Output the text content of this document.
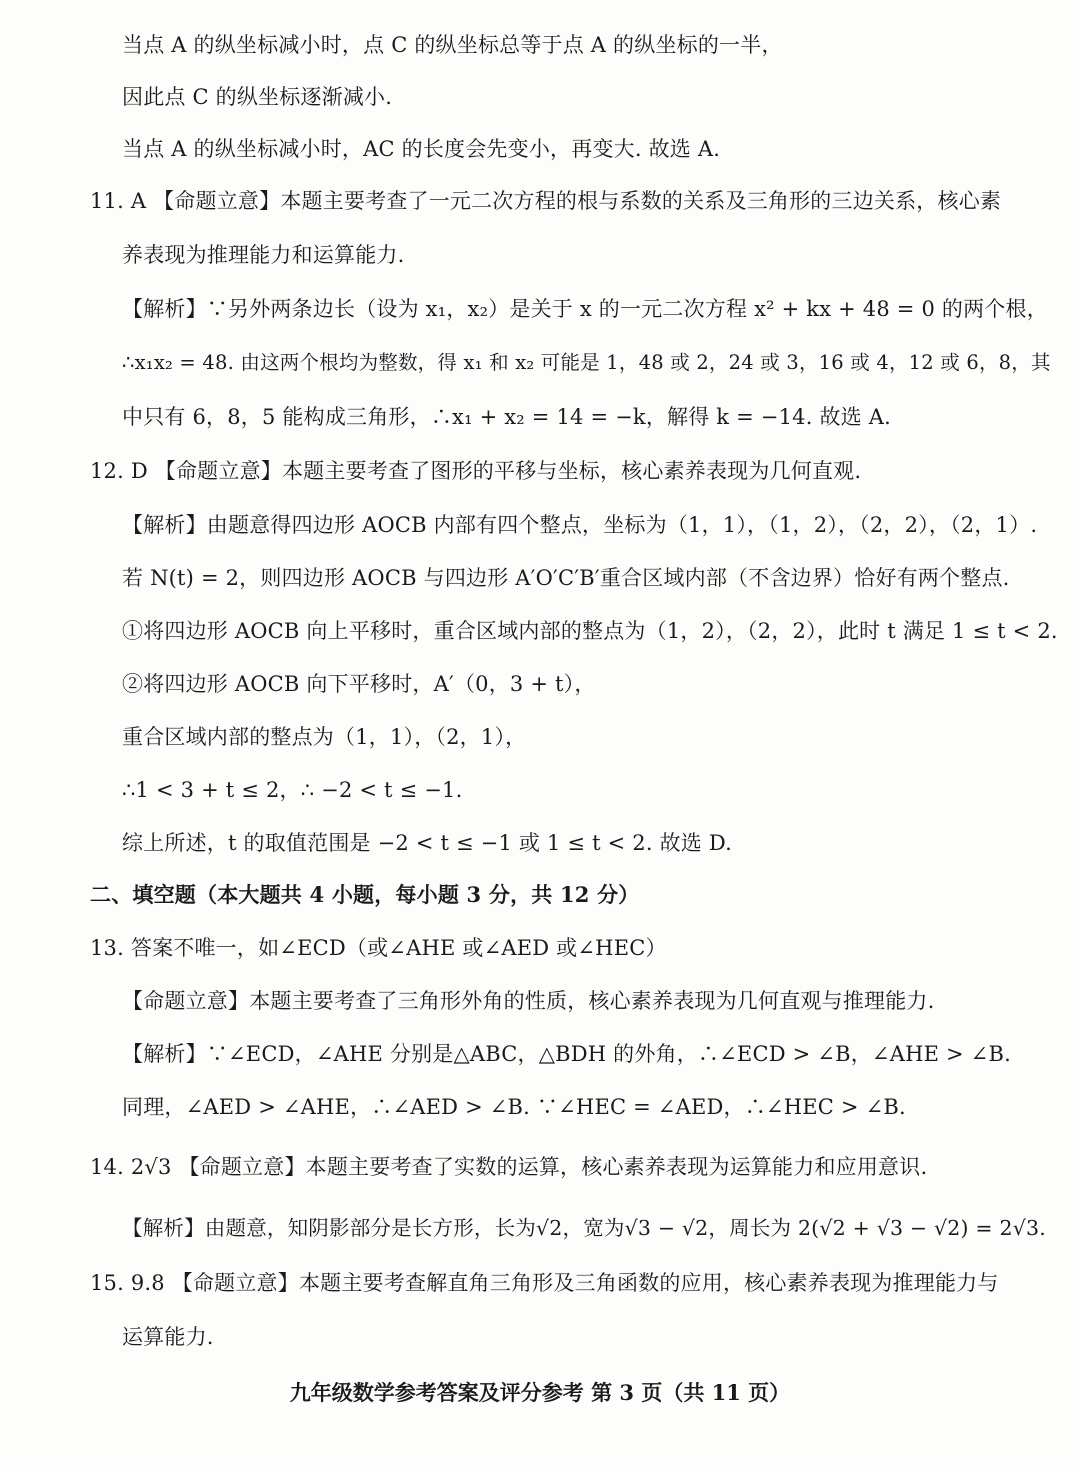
当点 A 的纵坐标减小时，点 C 的纵坐标总等于点 A 的纵坐标的一半，
因此点 C 的纵坐标逐渐减小.
当点 A 的纵坐标减小时，AC 的长度会先变小，再变大. 故选 A.
11. A 【命题立意】本题主要考查了一元二次方程的根与系数的关系及三角形的三边关系，核心素
养表现为推理能力和运算能力.
【解析】∵另外两条边长（设为 x₁，x₂）是关于 x 的一元二次方程 x² + kx + 48 = 0 的两个根，
∴x₁x₂ = 48. 由这两个根均为整数，得 x₁ 和 x₂ 可能是 1，48 或 2，24 或 3，16 或 4，12 或 6，8，其
中只有 6，8，5 能构成三角形，∴x₁ + x₂ = 14 = −k，解得 k = −14. 故选 A.
12. D 【命题立意】本题主要考查了图形的平移与坐标，核心素养表现为几何直观.
【解析】由题意得四边形 AOCB 内部有四个整点，坐标为（1，1），（1，2），（2，2），（2，1）.
若 N(t) = 2，则四边形 AOCB 与四边形 A′O′C′B′重合区域内部（不含边界）恰好有两个整点.
①将四边形 AOCB 向上平移时，重合区域内部的整点为（1，2），（2，2），此时 t 满足 1 ≤ t < 2.
②将四边形 AOCB 向下平移时，A′（0，3 + t），
重合区域内部的整点为（1，1），（2，1），
∴1 < 3 + t ≤ 2，∴ −2 < t ≤ −1.
综上所述，t 的取值范围是 −2 < t ≤ −1 或 1 ≤ t < 2. 故选 D.
二、填空题（本大题共 4 小题，每小题 3 分，共 12 分）
13. 答案不唯一，如∠ECD（或∠AHE 或∠AED 或∠HEC）
【命题立意】本题主要考查了三角形外角的性质，核心素养表现为几何直观与推理能力.
【解析】∵∠ECD，∠AHE 分别是△ABC，△BDH 的外角，∴∠ECD > ∠B，∠AHE > ∠B.
同理，∠AED > ∠AHE，∴∠AED > ∠B. ∵∠HEC = ∠AED，∴∠HEC > ∠B.
14. 2√3 【命题立意】本题主要考查了实数的运算，核心素养表现为运算能力和应用意识.
【解析】由题意，知阴影部分是长方形，长为√2，宽为√3 − √2，周长为 2(√2 + √3 − √2) = 2√3.
15. 9.8 【命题立意】本题主要考查解直角三角形及三角函数的应用，核心素养表现为推理能力与
运算能力.
九年级数学参考答案及评分参考 第 3 页（共 11 页）
